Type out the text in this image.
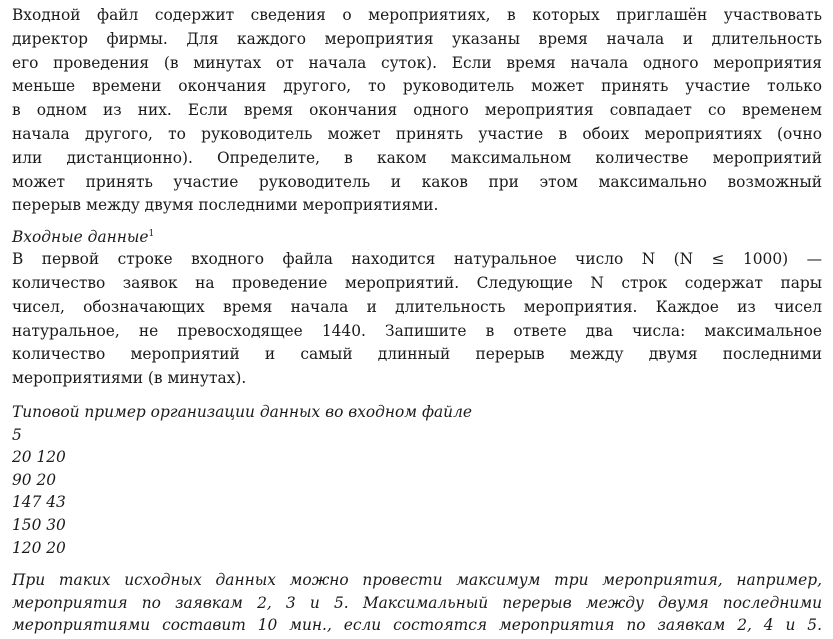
Входной файл содержит сведения о мероприятиях, в которых приглашён участвовать
директор фирмы. Для каждого мероприятия указаны время начала и длительность
его проведения (в минутах от начала суток). Если время начала одного мероприятия
меньше времени окончания другого, то руководитель может принять участие только
в одном из них. Если время окончания одного мероприятия совпадает со временем
начала другого, то руководитель может принять участие в обоих мероприятиях (очно
или дистанционно). Определите, в каком максимальном количестве мероприятий
может принять участие руководитель и каков при этом максимально возможный
перерыв между двумя последними мероприятиями.

Входные данные$^1$

В первой строке входного файла находится натуральное число N (N ≤ 1000) —
количество заявок на проведение мероприятий. Следующие N строк содержат пары
чисел, обозначающих время начала и длительность мероприятия. Каждое из чисел
натуральное, не превосходящее 1440. Запишите в ответе два числа: максимальное
количество мероприятий и самый длинный перерыв между двумя последними
мероприятиями (в минутах).

Типовой пример организации данных во входном файле
5
20 120
90 20
147 43
150 30
120 20
При таких исходных данных можно провести максимум три мероприятия, например,
мероприятия по заявкам 2, 3 и 5. Максимальный перерыв между двумя последними
мероприятиями составит 10 мин., если состоятся мероприятия по заявкам 2, 4 и 5.
